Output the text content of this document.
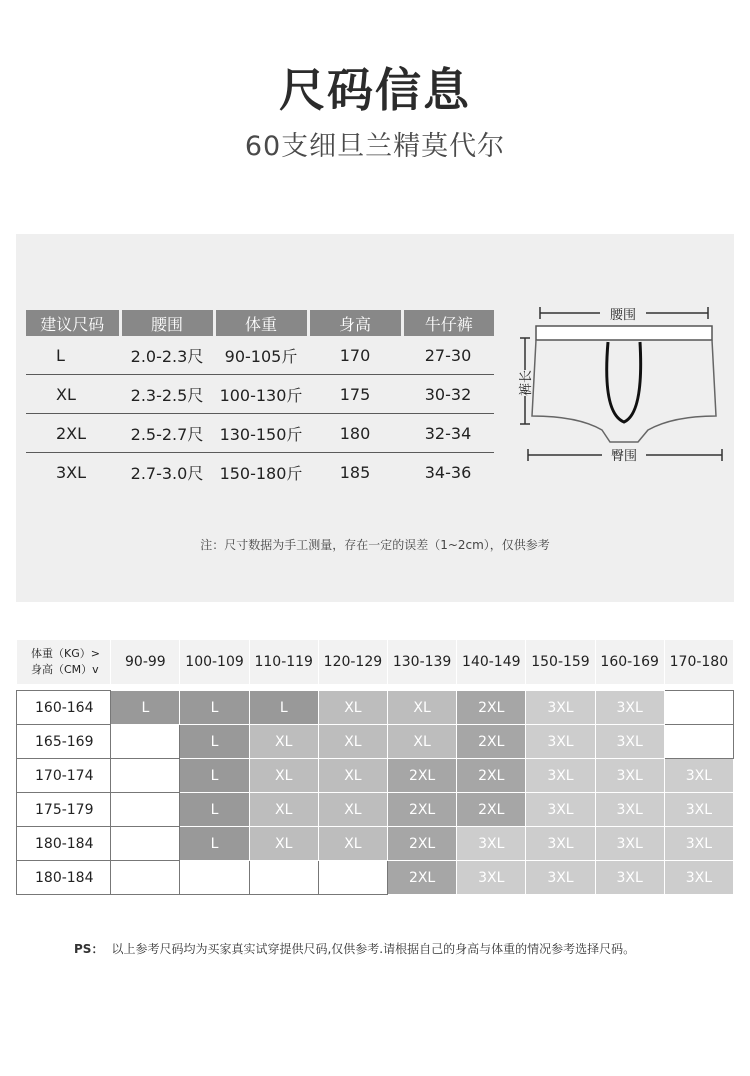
尺码信息
60支细旦兰精莫代尔
建议尺码	腰围	体重	身高	牛仔裤
L	2.0-2.3尺	90-105斤	170	27-30
XL	2.3-2.5尺	100-130斤	175	30-32
2XL	2.5-2.7尺	130-150斤	180	32-34
3XL	2.7-3.0尺	150-180斤	185	34-36
腰围
裤长
臀围
注：尺寸数据为手工测量，存在一定的误差（1~2cm），仅供参考
体重（KG）>
身高（CM）v	90-99	100-109	110-119	120-129	130-139	140-149	150-159	160-169	170-180

160-164	L	L	L	XL	XL	2XL	3XL	3XL	
165-169		L	XL	XL	XL	2XL	3XL	3XL	
170-174		L	XL	XL	2XL	2XL	3XL	3XL	3XL
175-179		L	XL	XL	2XL	2XL	3XL	3XL	3XL
180-184		L	XL	XL	2XL	3XL	3XL	3XL	3XL
180-184					2XL	3XL	3XL	3XL	3XL
PS： 以上参考尺码均为买家真实试穿提供尺码,仅供参考.请根据自己的身高与体重的情况参考选择尺码。
